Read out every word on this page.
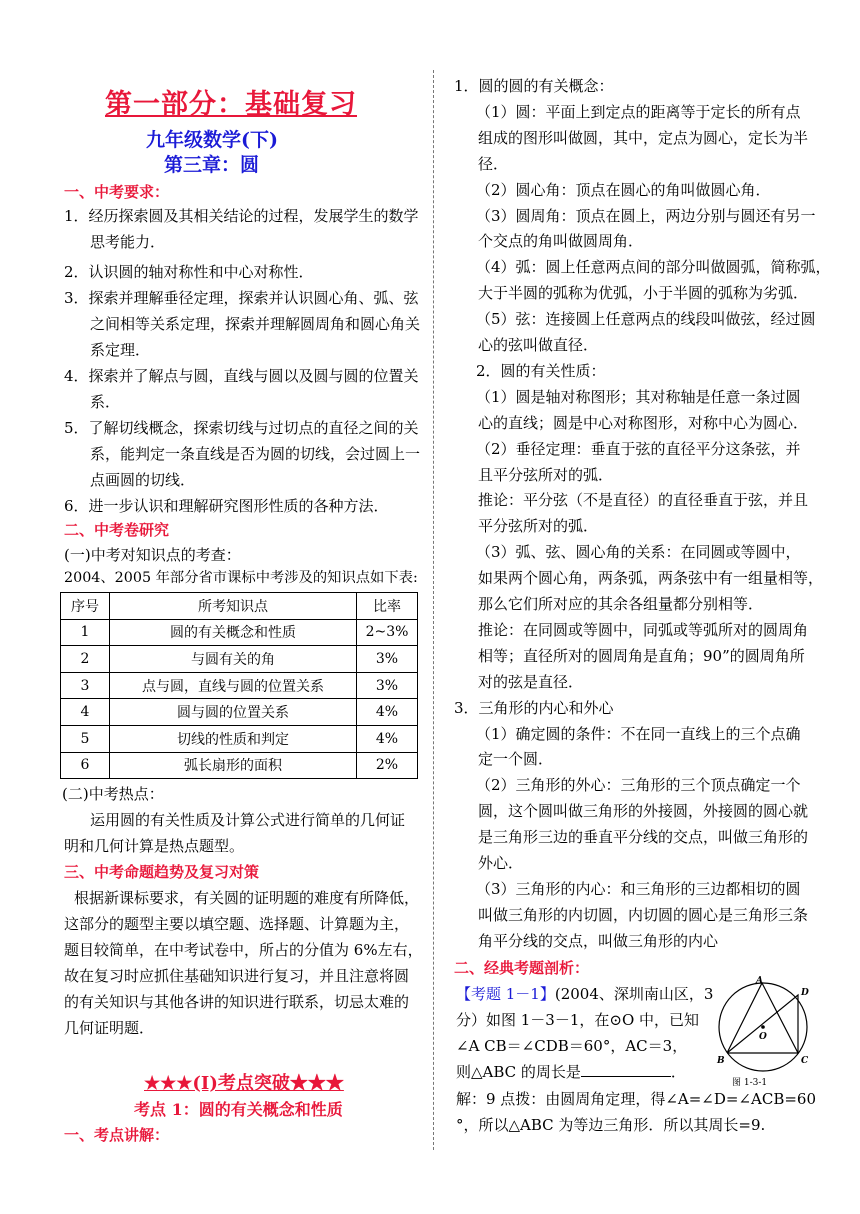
第一部分：基础复习
九年级数学(下)
第三章：圆
一、中考要求：
1．经历探索圆及其相关结论的过程，发展学生的数学
思考能力．
2．认识圆的轴对称性和中心对称性．
3．探索并理解垂径定理，探索并认识圆心角、弧、弦
之间相等关系定理，探索并理解圆周角和圆心角关
系定理．
4．探索并了解点与圆，直线与圆以及圆与圆的位置关
系．
5．了解切线概念，探索切线与过切点的直径之间的关
系，能判定一条直线是否为圆的切线，会过圆上一
点画圆的切线．
6．进一步认识和理解研究图形性质的各种方法．
二、中考卷研究
(一)中考对知识点的考查：
2004、2005 年部分省市课标中考涉及的知识点如下表:
序号	所考知识点	比率
1	圆的有关概念和性质	2~3%
2	与圆有关的角	3%
3	点与圆，直线与圆的位置关系	3%
4	圆与圆的位置关系	4%
5	切线的性质和判定	4%
6	弧长扇形的面积	2%
(二)中考热点：
运用圆的有关性质及计算公式进行简单的几何证
明和几何计算是热点题型。
三、中考命题趋势及复习对策
根据新课标要求，有关圆的证明题的难度有所降低，
这部分的题型主要以填空题、选择题、计算题为主，
题目较简单，在中考试卷中，所占的分值为 6%左右，
故在复习时应抓住基础知识进行复习，并且注意将圆
的有关知识与其他各讲的知识进行联系，切忌太难的
几何证明题．
★★★(I)考点突破★★★
考点 1：圆的有关概念和性质
一、考点讲解：
1．圆的圆的有关概念：
（1）圆：平面上到定点的距离等于定长的所有点
组成的图形叫做圆，其中，定点为圆心，定长为半
径．
（2）圆心角：顶点在圆心的角叫做圆心角．
（3）圆周角：顶点在圆上，两边分别与圆还有另一
个交点的角叫做圆周角．
（4）弧：圆上任意两点间的部分叫做圆弧，简称弧，
大于半圆的弧称为优弧，小于半圆的弧称为劣弧．
（5）弦：连接圆上任意两点的线段叫做弦，经过圆
心的弦叫做直径．
2．圆的有关性质：
（1）圆是轴对称图形；其对称轴是任意一条过圆
心的直线；圆是中心对称图形，对称中心为圆心．
（2）垂径定理：垂直于弦的直径平分这条弦，并
且平分弦所对的弧．
推论：平分弦（不是直径）的直径垂直于弦，并且
平分弦所对的弧．
（3）弧、弦、圆心角的关系：在同圆或等圆中，
如果两个圆心角，两条弧，两条弦中有一组量相等，
那么它们所对应的其余各组量都分别相等．
推论：在同圆或等圆中，同弧或等弧所对的圆周角
相等；直径所对的圆周角是直角；90”的圆周角所
对的弦是直径．
3．三角形的内心和外心
（1）确定圆的条件：不在同一直线上的三个点确
定一个圆．
（2）三角形的外心：三角形的三个顶点确定一个
圆，这个圆叫做三角形的外接圆，外接圆的圆心就
是三角形三边的垂直平分线的交点，叫做三角形的
外心．
（3）三角形的内心：和三角形的三边都相切的圆
叫做三角形的内切圆，内切圆的圆心是三角形三条
角平分线的交点，叫做三角形的内心
二、经典考题剖析：
【考题 1－1】(2004、深圳南山区，3
分）如图 1－3－1，在⊙O 中，已知
∠A CB＝∠CDB＝60°，AC＝3，
则△ABC 的周长是	．
解：9 点拨：由圆周角定理，得∠A=∠D=∠ACB=60
°，所以△ABC 为等边三角形．所以其周长=9.
A
B	C
D
O
图 1-3-1
